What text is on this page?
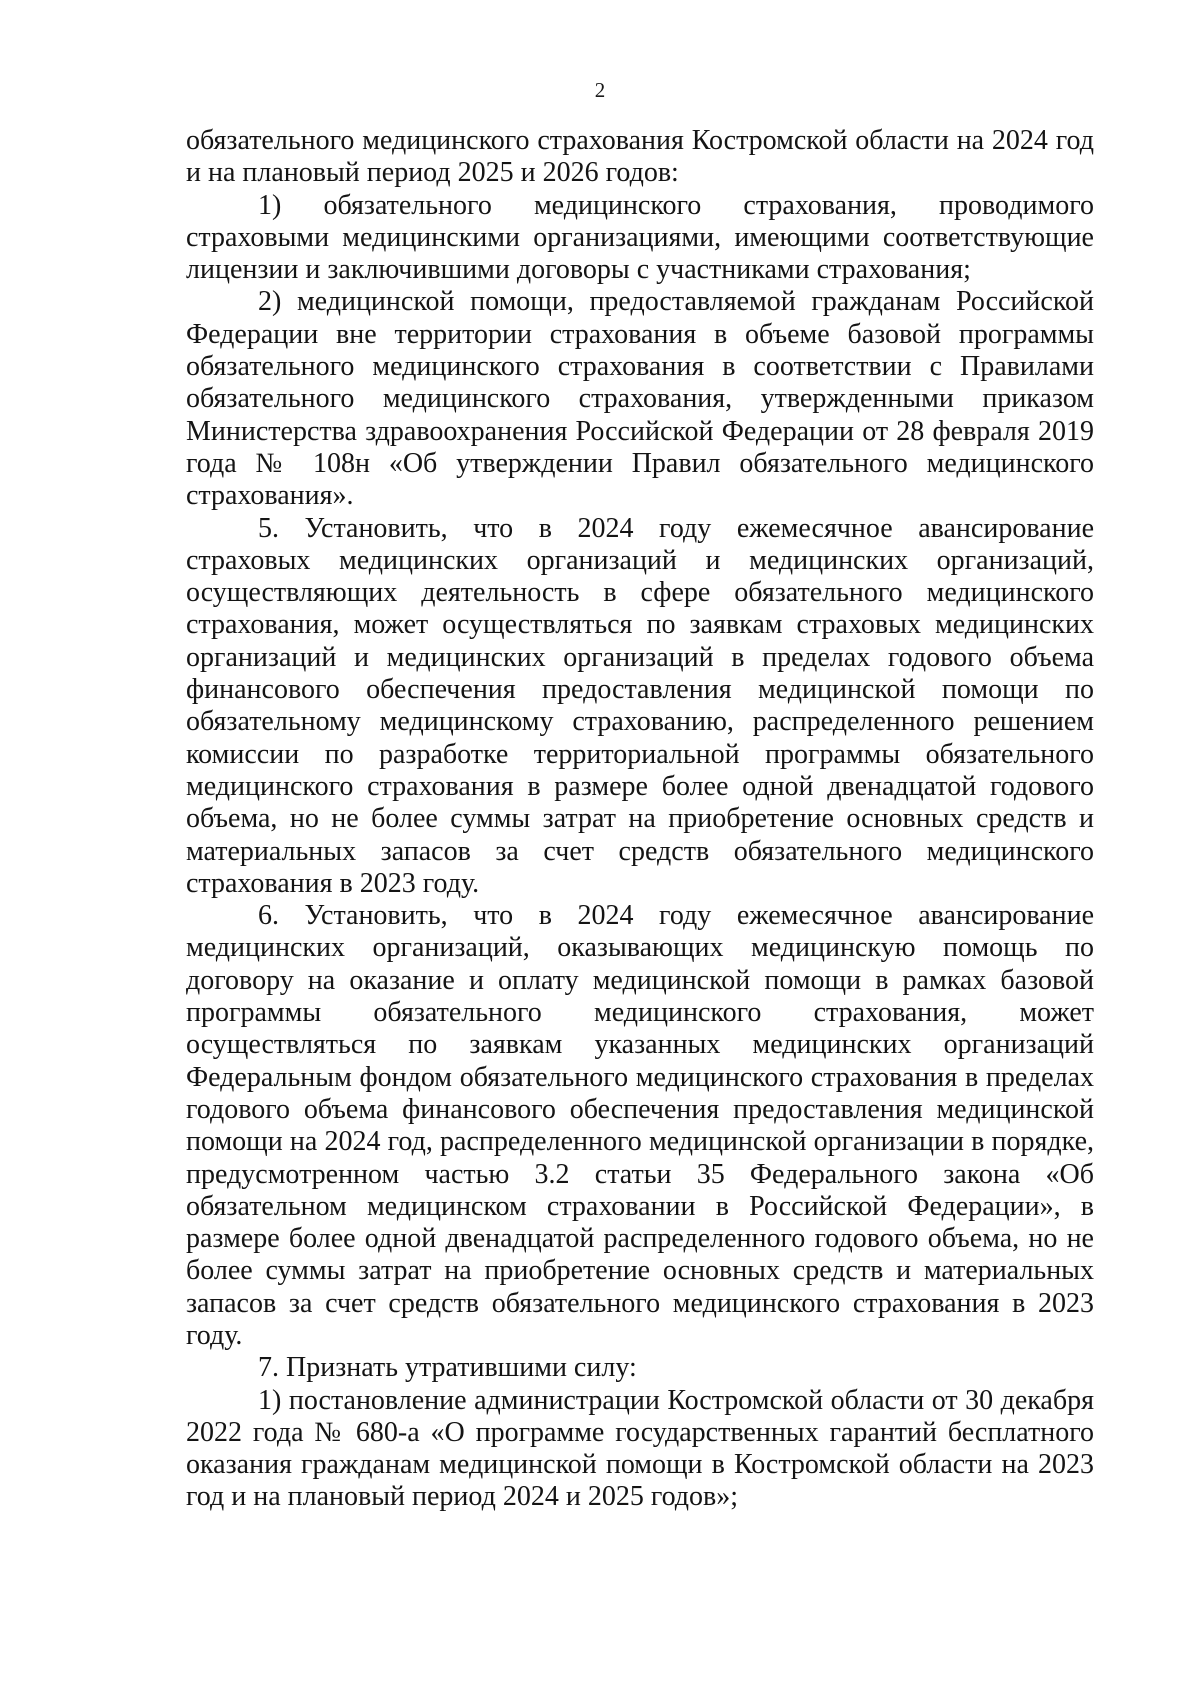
2

обязательного медицинского страхования Костромской области на 2024 год и на плановый период 2025 и 2026 годов:

1) обязательного медицинского страхования, проводимого страховыми медицинскими организациями, имеющими соответствующие лицензии и заключившими договоры с участниками страхования;

2) медицинской помощи, предоставляемой гражданам Российской Федерации вне территории страхования в объеме базовой программы обязательного медицинского страхования в соответствии с Правилами обязательного медицинского страхования, утвержденными приказом Министерства здравоохранения Российской Федерации от 28 февраля 2019 года № 108н «Об утверждении Правил обязательного медицинского страхования».

5. Установить, что в 2024 году ежемесячное авансирование страховых медицинских организаций и медицинских организаций, осуществляющих деятельность в сфере обязательного медицинского страхования, может осуществляться по заявкам страховых медицинских организаций и медицинских организаций в пределах годового объема финансового обеспечения предоставления медицинской помощи по обязательному медицинскому страхованию, распределенного решением комиссии по разработке территориальной программы обязательного медицинского страхования в размере более одной двенадцатой годового объема, но не более суммы затрат на приобретение основных средств и материальных запасов за счет средств обязательного медицинского страхования в 2023 году.

6. Установить, что в 2024 году ежемесячное авансирование медицинских организаций, оказывающих медицинскую помощь по договору на оказание и оплату медицинской помощи в рамках базовой программы обязательного медицинского страхования, может осуществляться по заявкам указанных медицинских организаций Федеральным фондом обязательного медицинского страхования в пределах годового объема финансового обеспечения предоставления медицинской помощи на 2024 год, распределенного медицинской организации в порядке, предусмотренном частью 3.2 статьи 35 Федерального закона «Об обязательном медицинском страховании в Российской Федерации», в размере более одной двенадцатой распределенного годового объема, но не более суммы затрат на приобретение основных средств и материальных запасов за счет средств обязательного медицинского страхования в 2023 году.

7. Признать утратившими силу:

1) постановление администрации Костромской области от 30 декабря 2022 года № 680-а «О программе государственных гарантий бесплатного оказания гражданам медицинской помощи в Костромской области на 2023 год и на плановый период 2024 и 2025 годов»;
